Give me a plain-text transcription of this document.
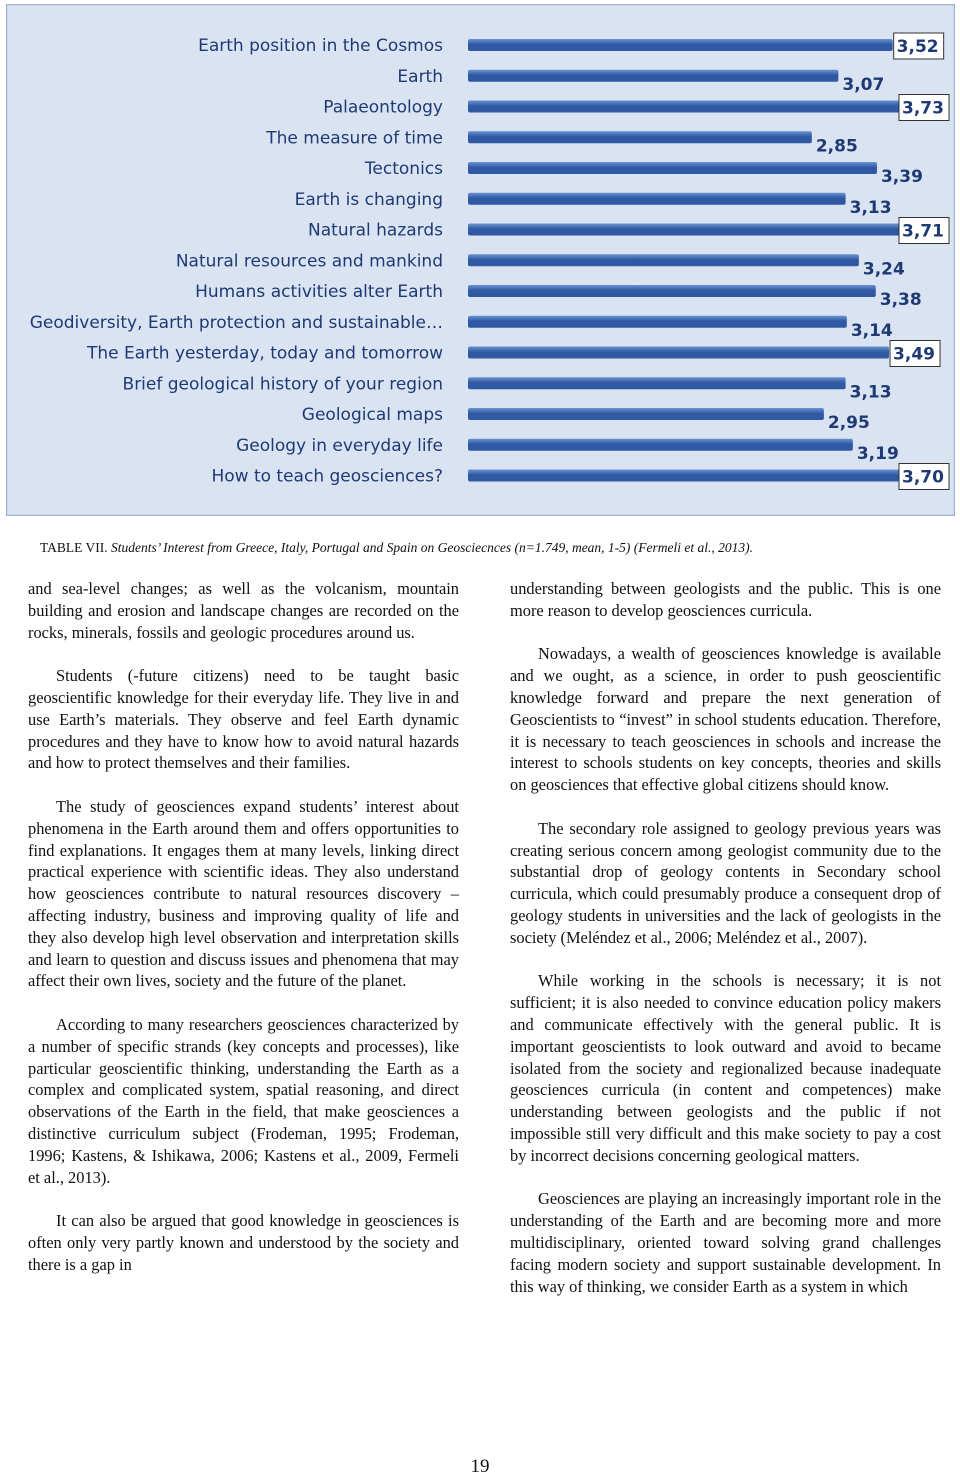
Earth position in the Cosmos	3,52
Earth	3,07
Palaeontology	3,73
The measure of time	2,85
Tectonics	3,39
Earth is changing	3,13
Natural hazards	3,71
Natural resources and mankind	3,24
Humans activities alter Earth	3,38
Geodiversity, Earth protection and sustainable…	3,14
The Earth yesterday, today and tomorrow	3,49
Brief geological history of your region	3,13
Geological maps	2,95
Geology in everyday life	3,19
How to teach geosciences?	3,70
TABLE VII. Students’ Interest from Greece, Italy, Portugal and Spain on Geosciecnces (n=1.749, mean, 1-5) (Fermeli et al., 2013).

and sea-level changes; as well as the volcanism, mountain building and erosion and landscape changes are recorded on the rocks, minerals, fossils and geologic procedures around us.

Students (-future citizens) need to be taught basic geoscientific knowledge for their everyday life. They live in and use Earth’s materials. They observe and feel Earth dynamic procedures and they have to know how to avoid natural hazards and how to protect themselves and their families.

The study of geosciences expand students’ interest about phenomena in the Earth around them and offers opportunities to find explanations. It engages them at many levels, linking direct practical experience with scientific ideas. They also understand how geosciences contribute to natural resources discovery – affecting industry, business and improving quality of life and they also develop high level observation and interpretation skills and learn to question and discuss issues and phenomena that may affect their own lives, society and the future of the planet.

According to many researchers geosciences characterized by a number of specific strands (key concepts and processes), like particular geoscientific thinking, understanding the Earth as a complex and complicated system, spatial reasoning, and direct observations of the Earth in the field, that make geosciences a distinctive curriculum subject (Frodeman, 1995; Frodeman, 1996; Kastens, & Ishikawa, 2006; Kastens et al., 2009, Fermeli et al., 2013).

It can also be argued that good knowledge in geosciences is often only very partly known and understood by the society and there is a gap in

understanding between geologists and the public. This is one more reason to develop geosciences curricula.

Nowadays, a wealth of geosciences knowledge is available and we ought, as a science, in order to push geoscientific knowledge forward and prepare the next generation of Geoscientists to “invest” in school students education. Therefore, it is necessary to teach geosciences in schools and increase the interest to schools students on key concepts, theories and skills on geosciences that effective global citizens should know.

The secondary role assigned to geology previous years was creating serious concern among geologist community due to the substantial drop of geology contents in Secondary school curricula, which could presumably produce a consequent drop of geology students in universities and the lack of geologists in the society (Meléndez et al., 2006; Meléndez et al., 2007).

While working in the schools is necessary; it is not sufficient; it is also needed to convince education policy makers and communicate effectively with the general public. It is important geoscientists to look outward and avoid to became isolated from the society and regionalized because inadequate geosciences curricula (in content and competences) make understanding between geologists and the public if not impossible still very difficult and this make society to pay a cost by incorrect decisions concerning geological matters.

Geosciences are playing an increasingly important role in the understanding of the Earth and are becoming more and more multidisciplinary, oriented toward solving grand challenges facing modern society and support sustainable development. In this way of thinking, we consider Earth as a system in which

19
